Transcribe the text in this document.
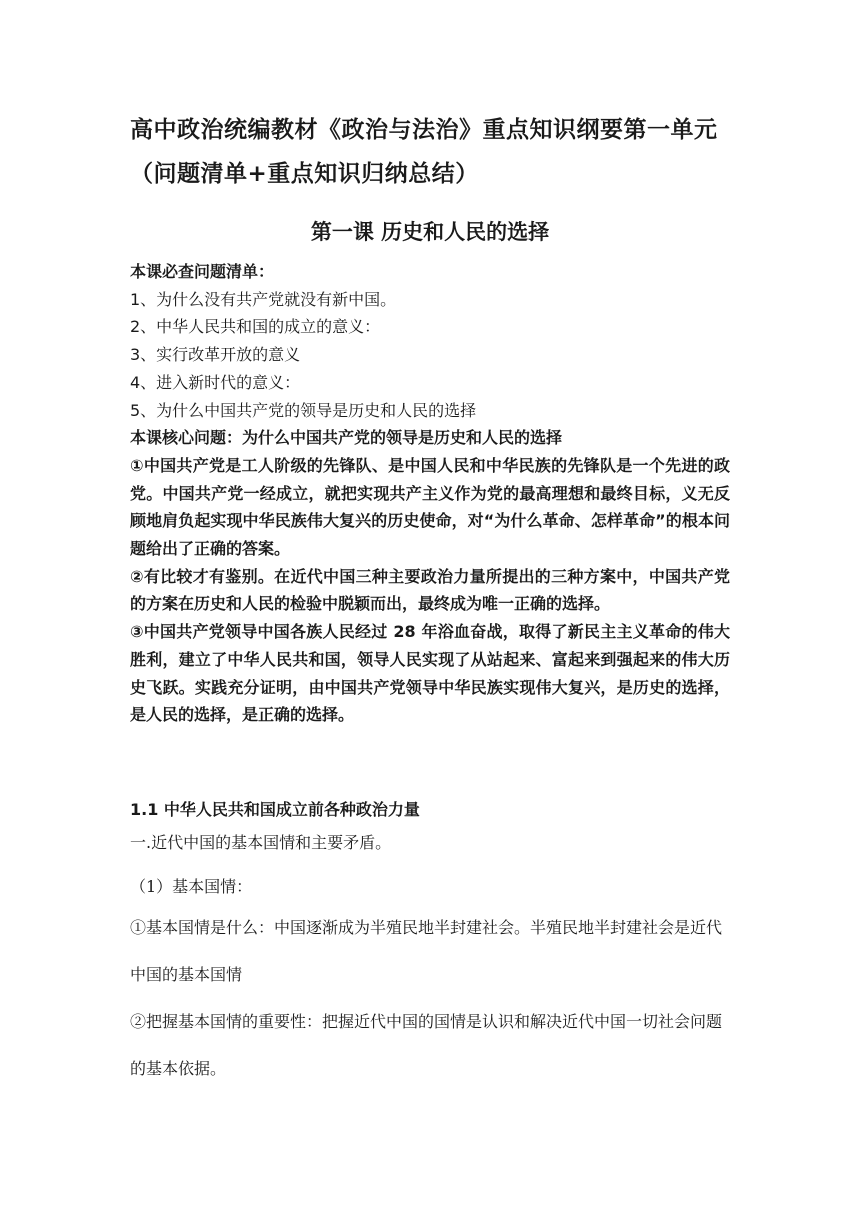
高中政治统编教材《政治与法治》重点知识纲要第一单元（问题清单+重点知识归纳总结）
第一课 历史和人民的选择

本课必查问题清单：

1、为什么没有共产党就没有新中国。

2、中华人民共和国的成立的意义：

3、实行改革开放的意义

4、进入新时代的意义：

5、为什么中国共产党的领导是历史和人民的选择

本课核心问题：为什么中国共产党的领导是历史和人民的选择

①中国共产党是工人阶级的先锋队、是中国人民和中华民族的先锋队是一个先进的政党。中国共产党一经成立，就把实现共产主义作为党的最高理想和最终目标，义无反顾地肩负起实现中华民族伟大复兴的历史使命，对“为什么革命、怎样革命”的根本问题给出了正确的答案。

②有比较才有鉴别。在近代中国三种主要政治力量所提出的三种方案中，中国共产党的方案在历史和人民的检验中脱颖而出，最终成为唯一正确的选择。

③中国共产党领导中国各族人民经过 28 年浴血奋战，取得了新民主主义革命的伟大胜利，建立了中华人民共和国，领导人民实现了从站起来、富起来到强起来的伟大历史飞跃。实践充分证明，由中国共产党领导中华民族实现伟大复兴，是历史的选择，是人民的选择，是正确的选择。

1.1 中华人民共和国成立前各种政治力量

一.近代中国的基本国情和主要矛盾。

（1）基本国情：

①基本国情是什么：中国逐渐成为半殖民地半封建社会。半殖民地半封建社会是近代中国的基本国情

②把握基本国情的重要性：把握近代中国的国情是认识和解决近代中国一切社会问题的基本依据。
